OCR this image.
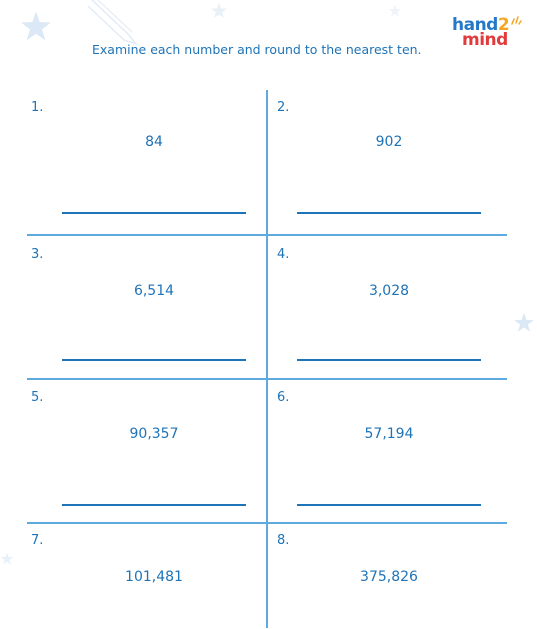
Examine each number and round to the nearest ten.
hand2
mind
1.
84
2.
902
3.
6,514
4.
3,028
5.
90,357
6.
57,194
7.
101,481
8.
375,826
